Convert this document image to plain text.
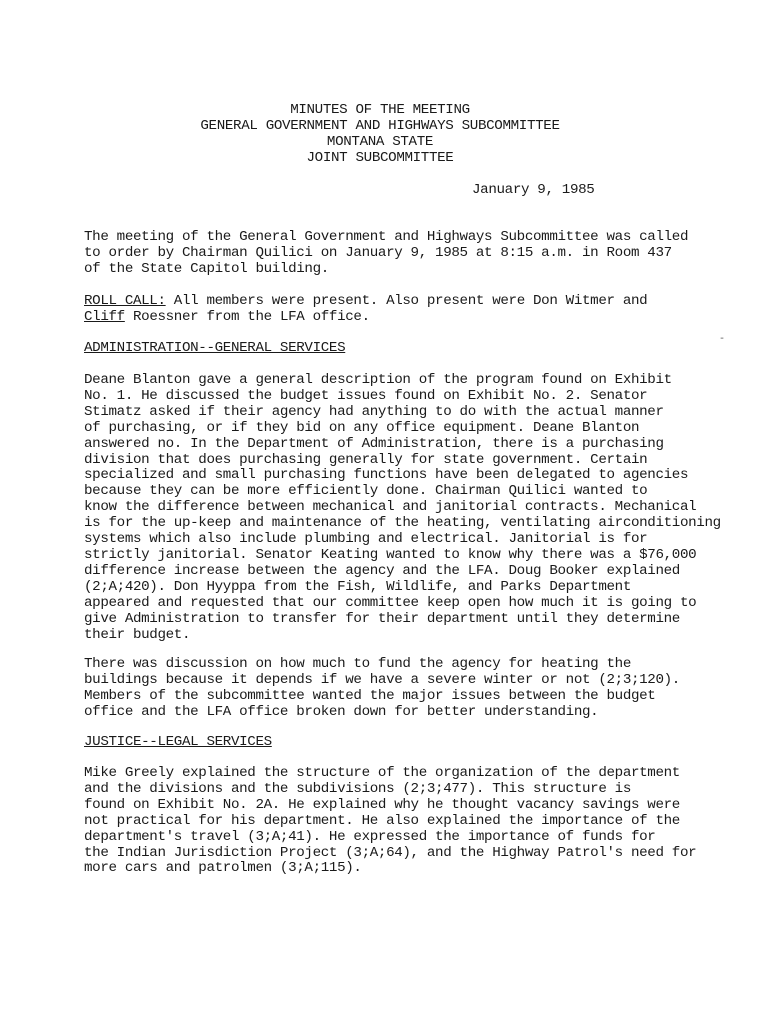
MINUTES OF THE MEETING
GENERAL GOVERNMENT AND HIGHWAYS SUBCOMMITTEE
MONTANA STATE
JOINT SUBCOMMITTEE
January 9, 1985
The meeting of the General Government and Highways Subcommittee was called
to order by Chairman Quilici on January 9, 1985 at 8:15 a.m. in Room 437
of the State Capitol building.
ROLL CALL: All members were present. Also present were Don Witmer and
Cliff Roessner from the LFA office.
-
ADMINISTRATION--GENERAL SERVICES
Deane Blanton gave a general description of the program found on Exhibit
No. 1. He discussed the budget issues found on Exhibit No. 2. Senator
Stimatz asked if their agency had anything to do with the actual manner
of purchasing, or if they bid on any office equipment. Deane Blanton
answered no. In the Department of Administration, there is a purchasing
division that does purchasing generally for state government. Certain
specialized and small purchasing functions have been delegated to agencies
because they can be more efficiently done. Chairman Quilici wanted to
know the difference between mechanical and janitorial contracts. Mechanical
is for the up-keep and maintenance of the heating, ventilating airconditioning
systems which also include plumbing and electrical. Janitorial is for
strictly janitorial. Senator Keating wanted to know why there was a $76,000
difference increase between the agency and the LFA. Doug Booker explained
(2;A;420). Don Hyyppa from the Fish, Wildlife, and Parks Department
appeared and requested that our committee keep open how much it is going to
give Administration to transfer for their department until they determine
their budget.
There was discussion on how much to fund the agency for heating the
buildings because it depends if we have a severe winter or not (2;3;120).
Members of the subcommittee wanted the major issues between the budget
office and the LFA office broken down for better understanding.
JUSTICE--LEGAL SERVICES
Mike Greely explained the structure of the organization of the department
and the divisions and the subdivisions (2;3;477). This structure is
found on Exhibit No. 2A. He explained why he thought vacancy savings were
not practical for his department. He also explained the importance of the
department's travel (3;A;41). He expressed the importance of funds for
the Indian Jurisdiction Project (3;A;64), and the Highway Patrol's need for
more cars and patrolmen (3;A;115).
